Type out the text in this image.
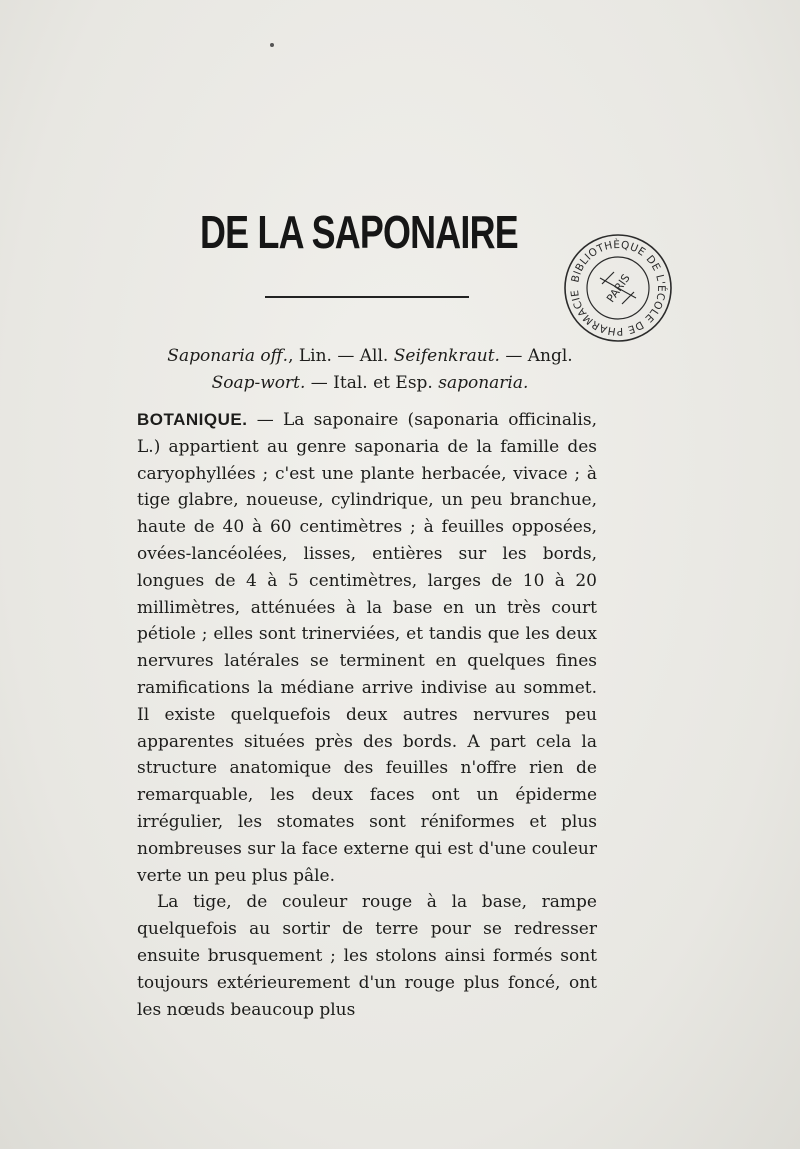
DE LA SAPONAIRE
BIBLIOTHÈQUE DE L'ÉCOLE DE PHARMACIE	PARIS
Saponaria off., Lin. — All. Seifenkraut. — Angl.
Soap-wort. — Ital. et Esp. saponaria.

BOTANIQUE. — La saponaire (saponaria officinalis, L.) appartient au genre saponaria de la famille des caryophyllées ; c'est une plante herbacée, vivace ; à tige glabre, noueuse, cylindrique, un peu branchue, haute de 40 à 60 centimètres ; à feuilles opposées, ovées-lancéolées, lisses, entières sur les bords, longues de 4 à 5 centimètres, larges de 10 à 20 millimètres, atténuées à la base en un très court pétiole ; elles sont trinerviées, et tandis que les deux nervures latérales se terminent en quelques fines ramifications la médiane arrive indivise au sommet. Il existe quelquefois deux autres nervures peu apparentes situées près des bords. A part cela la structure anatomique des feuilles n'offre rien de remarquable, les deux faces ont un épiderme irrégulier, les stomates sont réniformes et plus nombreuses sur la face externe qui est d'une couleur verte un peu plus pâle.

La tige, de couleur rouge à la base, rampe quelquefois au sortir de terre pour se redresser ensuite brusquement ; les stolons ainsi formés sont toujours extérieurement d'un rouge plus foncé, ont les nœuds beaucoup plus
